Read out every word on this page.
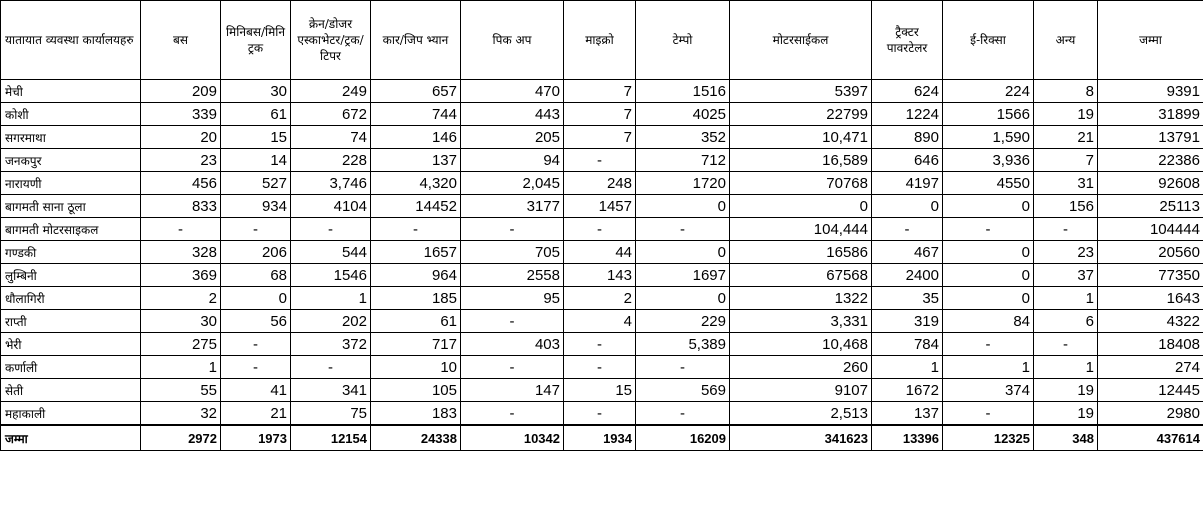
यातायात व्यवस्था कार्यालयहरु	बस	मिनिबस/मिनि ट्रक	क्रेन/डोजर एस्काभेटर/ट्रक/टिपर	कार/जिप भ्यान	पिक अप	माइक्रो	टेम्पो	मोटरसाईकल	ट्रैक्टर पावरटेलर	ई-रिक्सा	अन्य	जम्मा
मेची	209	30	249	657	470	7	1516	5397	624	224	8	9391
कोशी	339	61	672	744	443	7	4025	22799	1224	1566	19	31899
सगरमाथा	20	15	74	146	205	7	352	10,471	890	1,590	21	13791
जनकपुर	23	14	228	137	94	-	712	16,589	646	3,936	7	22386
नारायणी	456	527	3,746	4,320	2,045	248	1720	70768	4197	4550	31	92608
बागमती साना ठूला	833	934	4104	14452	3177	1457	0	0	0	0	156	25113
बागमती मोटरसाइकल	-	-	-	-	-	-	-	104,444	-	-	-	104444
गण्डकी	328	206	544	1657	705	44	0	16586	467	0	23	20560
लुम्बिनी	369	68	1546	964	2558	143	1697	67568	2400	0	37	77350
धौलागिरी	2	0	1	185	95	2	0	1322	35	0	1	1643
राप्ती	30	56	202	61	-	4	229	3,331	319	84	6	4322
भेरी	275	-	372	717	403	-	5,389	10,468	784	-	-	18408
कर्णाली	1	-	-	10	-	-	-	260	1	1	1	274
सेती	55	41	341	105	147	15	569	9107	1672	374	19	12445
महाकाली	32	21	75	183	-	-	-	2,513	137	-	19	2980
जम्मा	2972	1973	12154	24338	10342	1934	16209	341623	13396	12325	348	437614
